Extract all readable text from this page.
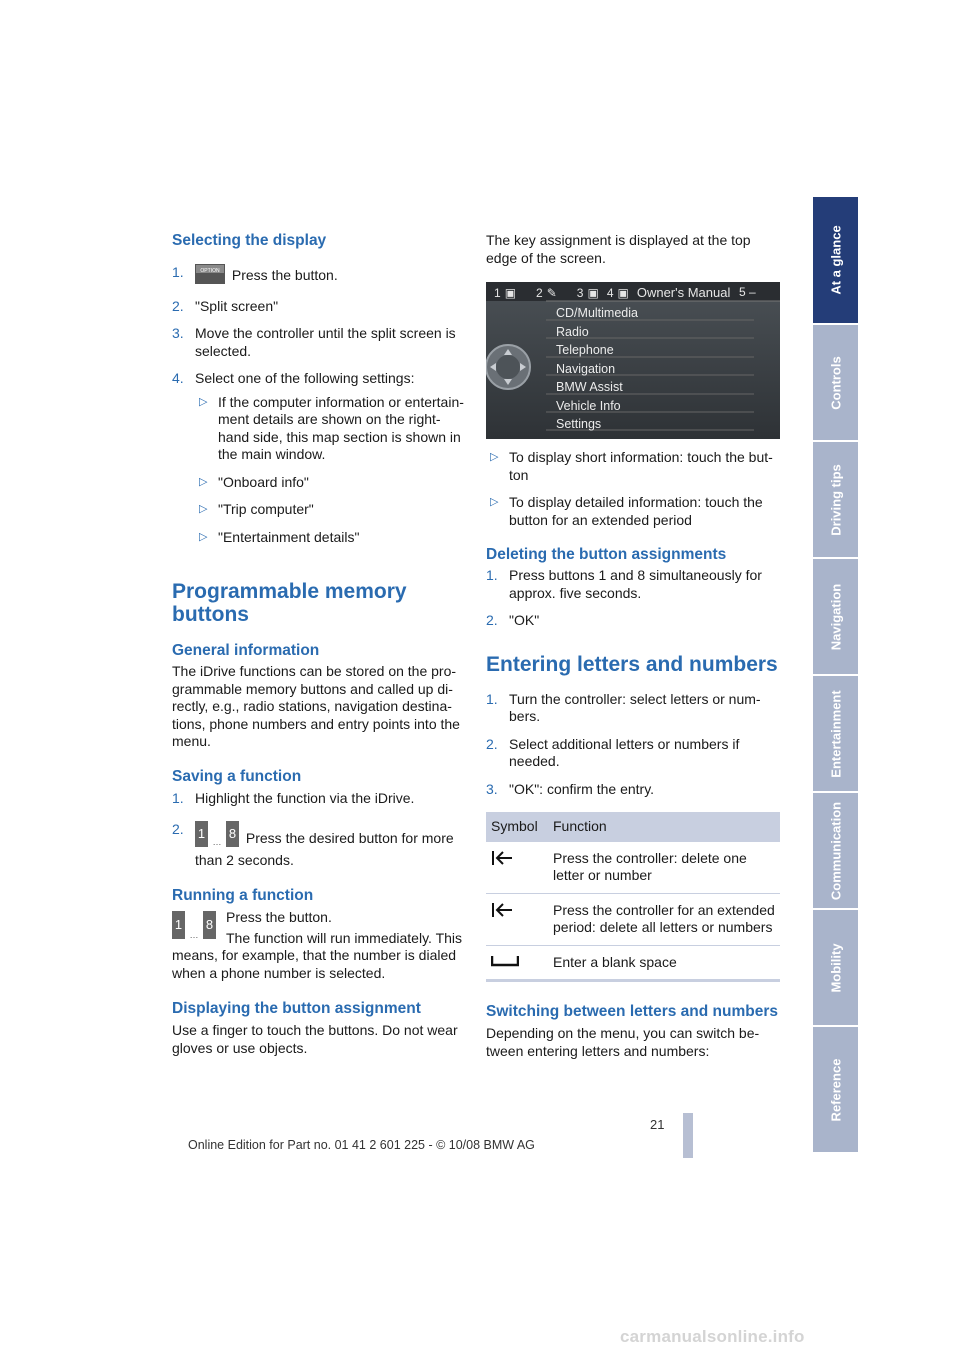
Selecting the display
1.	OPTION Press the button.
2. "Split screen"
3. Move the controller until the split screen is selected.
4. Select one of the following settings:
▷ If the computer information or entertain-ment details are shown on the right-hand side, this map section is shown in the main window.
▷ "Onboard info"
▷ "Trip computer"
▷ "Entertainment details"
Programmable memory buttons
General information

The iDrive functions can be stored on the pro-grammable memory buttons and called up di-rectly, e.g., radio stations, navigation destina-tions, phone numbers and entry points into the menu.

Saving a function
1. Highlight the function via the iDrive.
2.	1
…
8 Press the desired button for more than 2 seconds.
Running a function
1
…
8 Press the button.

The function will run immediately. This means, for example, that the number is dialed when a phone number is selected.

Displaying the button assignment

Use a finger to touch the buttons. Do not wear gloves or use objects.

The key assignment is displayed at the top edge of the screen.

1 ▣ 2 ✎ 3 ▣ 4 ▣ Owner's Manual 5 –
CD/Multimedia
Radio
Telephone
Navigation
BMW Assist
Vehicle Info
Settings
▷ To display short information: touch the but-ton
▷ To display detailed information: touch the button for an extended period
Deleting the button assignments
1. Press buttons 1 and 8 simultaneously for approx. five seconds.
2. "OK"
Entering letters and numbers
1. Turn the controller: select letters or num-bers.
2. Select additional letters or numbers if needed.
3. "OK": confirm the entry.
Symbol	Function
	Press the controller: delete one letter or number
	Press the controller for an extended period: delete all letters or numbers
	Enter a blank space
Switching between letters and numbers

Depending on the menu, you can switch be-tween entering letters and numbers:

At a glance
Controls
Driving tips
Navigation
Entertainment
Communication
Mobility
Reference
21
Online Edition for Part no. 01 41 2 601 225 - © 10/08 BMW AG
carmanualsonline.info
